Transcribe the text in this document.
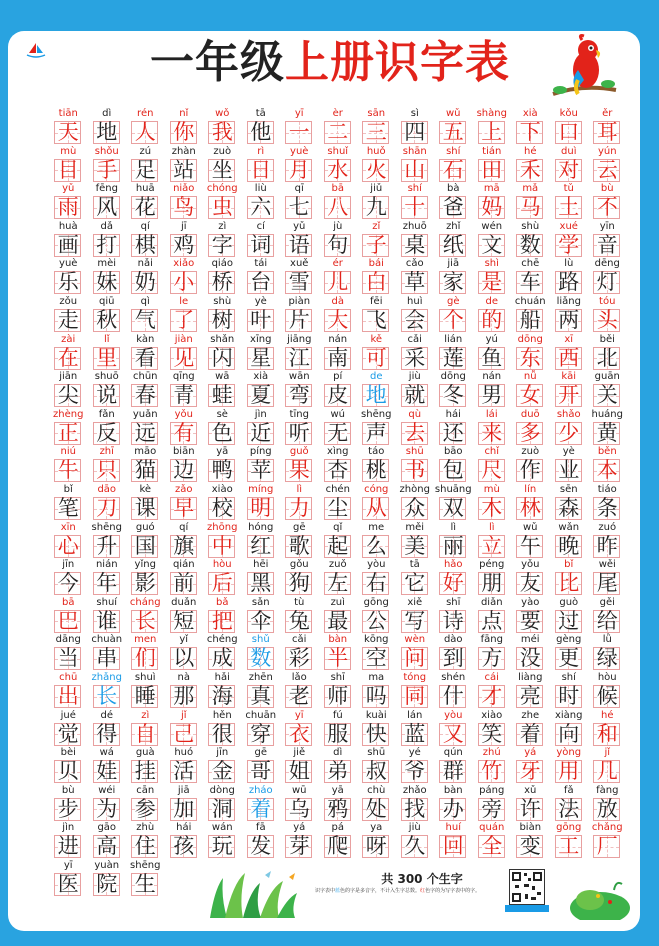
一年级上册识字表
tiān
天
dì
地
rén
人
nǐ
你
wǒ
我
tā
他
yī
一
èr
二
sān
三
sì
四
wǔ
五
shàng
上
xià
下
kǒu
口
ěr
耳
mù
目
shǒu
手
zú
足
zhàn
站
zuò
坐
rì
日
yuè
月
shuǐ
水
huǒ
火
shān
山
shí
石
tián
田
hé
禾
duì
对
yún
云
yǔ
雨
fēng
风
huā
花
niǎo
鸟
chóng
虫
liù
六
qī
七
bā
八
jiǔ
九
shí
十
bà
爸
mā
妈
mǎ
马
tǔ
土
bù
不
huà
画
dǎ
打
qí
棋
jī
鸡
zì
字
cí
词
yǔ
语
jù
句
zǐ
子
zhuō
桌
zhǐ
纸
wén
文
shù
数
xué
学
yīn
音
yuè
乐
mèi
妹
nǎi
奶
xiǎo
小
qiáo
桥
tái
台
xuě
雪
ér
儿
bái
白
cǎo
草
jiā
家
shì
是
chē
车
lù
路
dēng
灯
zǒu
走
qiū
秋
qì
气
le
了
shù
树
yè
叶
piàn
片
dà
大
fēi
飞
huì
会
gè
个
de
的
chuán
船
liǎng
两
tóu
头
zài
在
lǐ
里
kàn
看
jiàn
见
shǎn
闪
xīng
星
jiāng
江
nán
南
kě
可
cǎi
采
lián
莲
yú
鱼
dōng
东
xī
西
běi
北
jiān
尖
shuō
说
chūn
春
qīng
青
wā
蛙
xià
夏
wān
弯
pí
皮
de
地
jiù
就
dōng
冬
nán
男
nǚ
女
kāi
开
guān
关
zhèng
正
fǎn
反
yuǎn
远
yǒu
有
sè
色
jìn
近
tīng
听
wú
无
shēng
声
qù
去
hái
还
lái
来
duō
多
shǎo
少
huáng
黄
niú
牛
zhī
只
māo
猫
biān
边
yā
鸭
píng
苹
guǒ
果
xìng
杏
táo
桃
shū
书
bāo
包
chǐ
尺
zuò
作
yè
业
běn
本
bǐ
笔
dāo
刀
kè
课
zǎo
早
xiào
校
míng
明
lì
力
chén
尘
cóng
从
zhòng
众
shuāng
双
mù
木
lín
林
sēn
森
tiáo
条
xīn
心
shēng
升
guó
国
qí
旗
zhōng
中
hóng
红
gē
歌
qǐ
起
me
么
měi
美
lì
丽
lì
立
wǔ
午
wǎn
晚
zuó
昨
jīn
今
nián
年
yǐng
影
qián
前
hòu
后
hēi
黑
gǒu
狗
zuǒ
左
yòu
右
tā
它
hǎo
好
péng
朋
yǒu
友
bǐ
比
wěi
尾
bā
巴
shuí
谁
cháng
长
duǎn
短
bǎ
把
sǎn
伞
tù
兔
zuì
最
gōng
公
xiě
写
shī
诗
diǎn
点
yào
要
guò
过
gěi
给
dāng
当
chuàn
串
men
们
yǐ
以
chéng
成
shǔ
数
cǎi
彩
bàn
半
kōng
空
wèn
问
dào
到
fāng
方
méi
没
gèng
更
lǜ
绿
chū
出
zhǎng
长
shuì
睡
nà
那
hǎi
海
zhēn
真
lǎo
老
shī
师
ma
吗
tóng
同
shén
什
cái
才
liàng
亮
shí
时
hòu
候
jué
觉
dé
得
zì
自
jǐ
己
hěn
很
chuān
穿
yī
衣
fú
服
kuài
快
lán
蓝
yòu
又
xiào
笑
zhe
着
xiàng
向
hé
和
bèi
贝
wá
娃
guà
挂
huó
活
jīn
金
gē
哥
jiě
姐
dì
弟
shū
叔
yé
爷
qún
群
zhú
竹
yá
牙
yòng
用
jǐ
几
bù
步
wéi
为
cān
参
jiā
加
dòng
洞
zháo
着
wū
乌
yā
鸦
chù
处
zhǎo
找
bàn
办
páng
旁
xǔ
许
fǎ
法
fàng
放
jìn
进
gāo
高
zhù
住
hái
孩
wán
玩
fā
发
yá
芽
pá
爬
ya
呀
jiù
久
huí
回
quán
全
biàn
变
gōng
工
chǎng
厂
yī
医
yuàn
院
shēng
生	共 300 个生字
识字表中蓝色的字是多音字，不计入生字总数。红色字的为写字表中的字。
